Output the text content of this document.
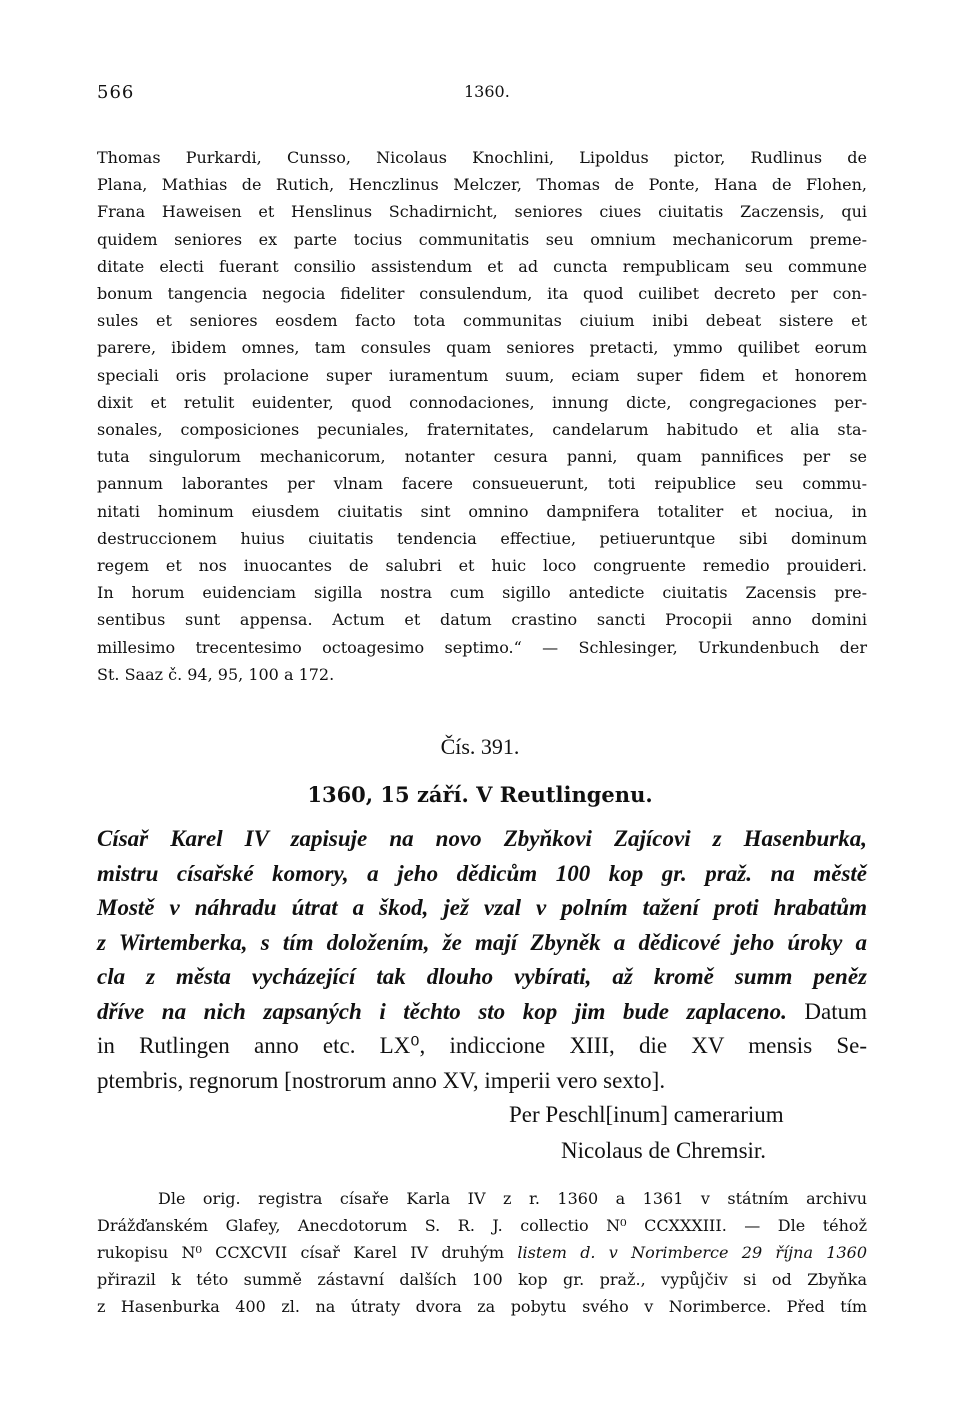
566	1360.
Thomas Purkardi, Cunsso, Nicolaus Knochlini, Lipoldus pictor, Rudlinus de
Plana, Mathias de Rutich, Henczlinus Melczer, Thomas de Ponte, Hana de Flohen,
Frana Haweisen et Henslinus Schadirnicht, seniores ciues ciuitatis Zaczensis, qui
quidem seniores ex parte tocius communitatis seu omnium mechanicorum preme-
ditate electi fuerant consilio assistendum et ad cuncta rempublicam seu commune
bonum tangencia negocia fideliter consulendum, ita quod cuilibet decreto per con-
sules et seniores eosdem facto tota communitas ciuium inibi debeat sistere et
parere, ibidem omnes, tam consules quam seniores pretacti, ymmo quilibet eorum
speciali oris prolacione super iuramentum suum, eciam super fidem et honorem
dixit et retulit euidenter, quod connodaciones, innung dicte, congregaciones per-
sonales, composiciones pecuniales, fraternitates, candelarum habitudo et alia sta-
tuta singulorum mechanicorum, notanter cesura panni, quam pannifices per se
pannum laborantes per vlnam facere consueuerunt, toti reipublice seu commu-
nitati hominum eiusdem ciuitatis sint omnino dampnifera totaliter et nociua, in
destruccionem huius ciuitatis tendencia effectiue, petiueruntque sibi dominum
regem et nos inuocantes de salubri et huic loco congruente remedio prouideri.
In horum euidenciam sigilla nostra cum sigillo antedicte ciuitatis Zacensis pre-
sentibus sunt appensa. Actum et datum crastino sancti Procopii anno domini
millesimo trecentesimo octoagesimo septimo.“ — Schlesinger, Urkundenbuch der
St. Saaz č. 94, 95, 100 a 172.
Čís. 391.
1360, 15 září. V Reutlingenu.
Císař Karel IV zapisuje na novo Zbyňkovi Zajícovi z Hasenburka,
mistru císařské komory, a jeho dědicům 100 kop gr. praž. na městě
Mostě v náhradu útrat a škod, jež vzal v polním tažení proti hrabatům
z Wirtemberka, s tím doložením, že mají Zbyněk a dědicové jeho úroky a
cla z města vycházející tak dlouho vybírati, až kromě summ peněz
dříve na nich zapsaných i těchto sto kop jim bude zaplaceno. Datum
in Rutlingen anno etc. LX⁰, indiccione XIII, die XV mensis Se-
ptembris, regnorum [nostrorum anno XV, imperii vero sexto].
Per Peschl[inum] camerarium
Nicolaus de Chremsir.
Dle orig. registra císaře Karla IV z r. 1360 a 1361 v státním archivu
Drážďanském Glafey, Anecdotorum S. R. J. collectio N⁰ CCXXXIII. — Dle téhož
rukopisu N⁰ CCXCVII císař Karel IV druhým listem d. v Norimberce 29 října 1360
přirazil k této summě zástavní dalších 100 kop gr. praž., vypůjčiv si od Zbyňka
z Hasenburka 400 zl. na útraty dvora za pobytu svého v Norimberce. Před tím
